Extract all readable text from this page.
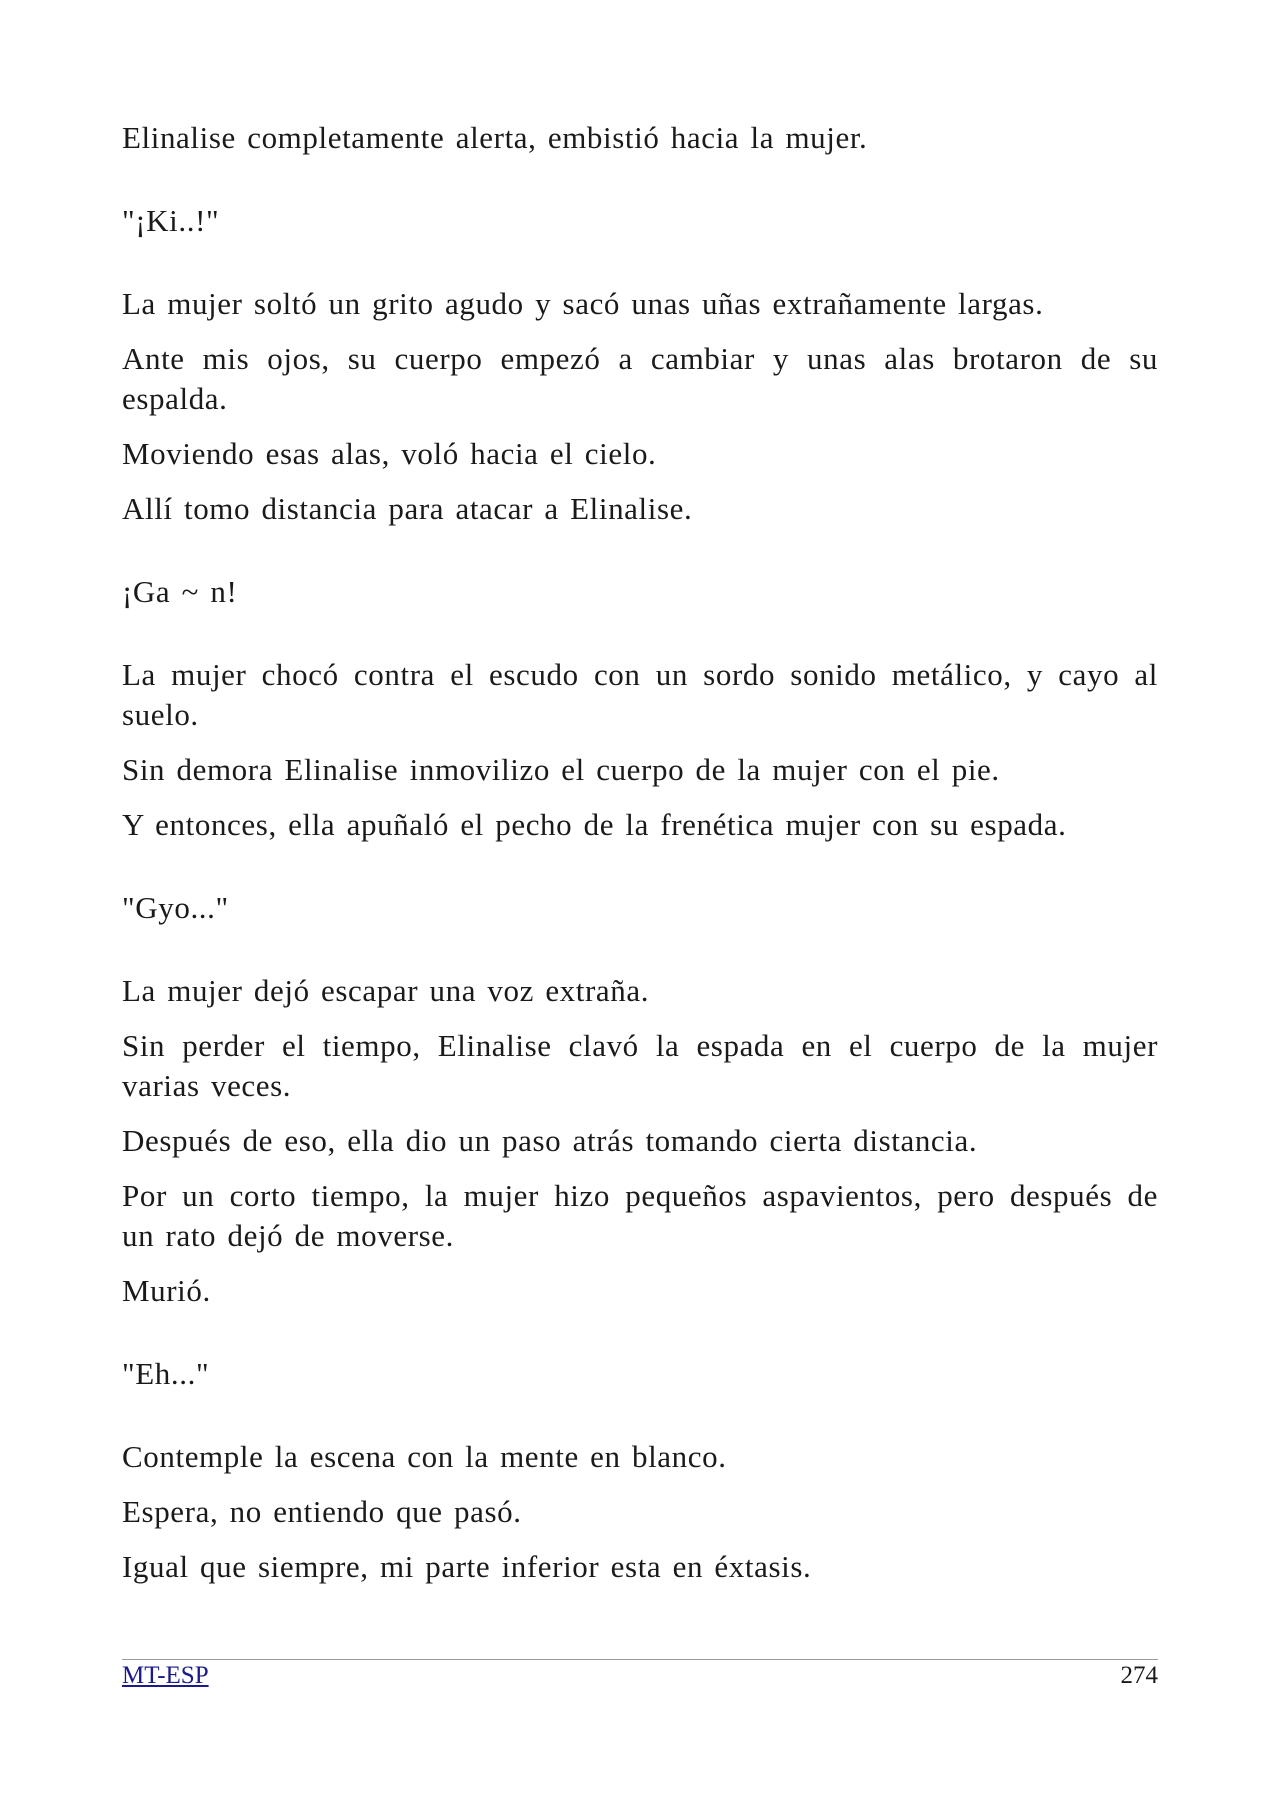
Elinalise completamente alerta, embistió hacia la mujer.

"¡Ki..!"

La mujer soltó un grito agudo y sacó unas uñas extrañamente largas.

Ante mis ojos, su cuerpo empezó a cambiar y unas alas brotaron de su espalda.

Moviendo esas alas, voló hacia el cielo.

Allí tomo distancia para atacar a Elinalise.

¡Ga ~ n!

La mujer chocó contra el escudo con un sordo sonido metálico, y cayo al suelo.

Sin demora Elinalise inmovilizo el cuerpo de la mujer con el pie.

Y entonces, ella apuñaló el pecho de la frenética mujer con su espada.

"Gyo..."

La mujer dejó escapar una voz extraña.

Sin perder el tiempo, Elinalise clavó la espada en el cuerpo de la mujer varias veces.

Después de eso, ella dio un paso atrás tomando cierta distancia.

Por un corto tiempo, la mujer hizo pequeños aspavientos, pero después de un rato dejó de moverse.

Murió.

"Eh..."

Contemple la escena con la mente en blanco.

Espera, no entiendo que pasó.

Igual que siempre, mi parte inferior esta en éxtasis.

MT-ESP	274
